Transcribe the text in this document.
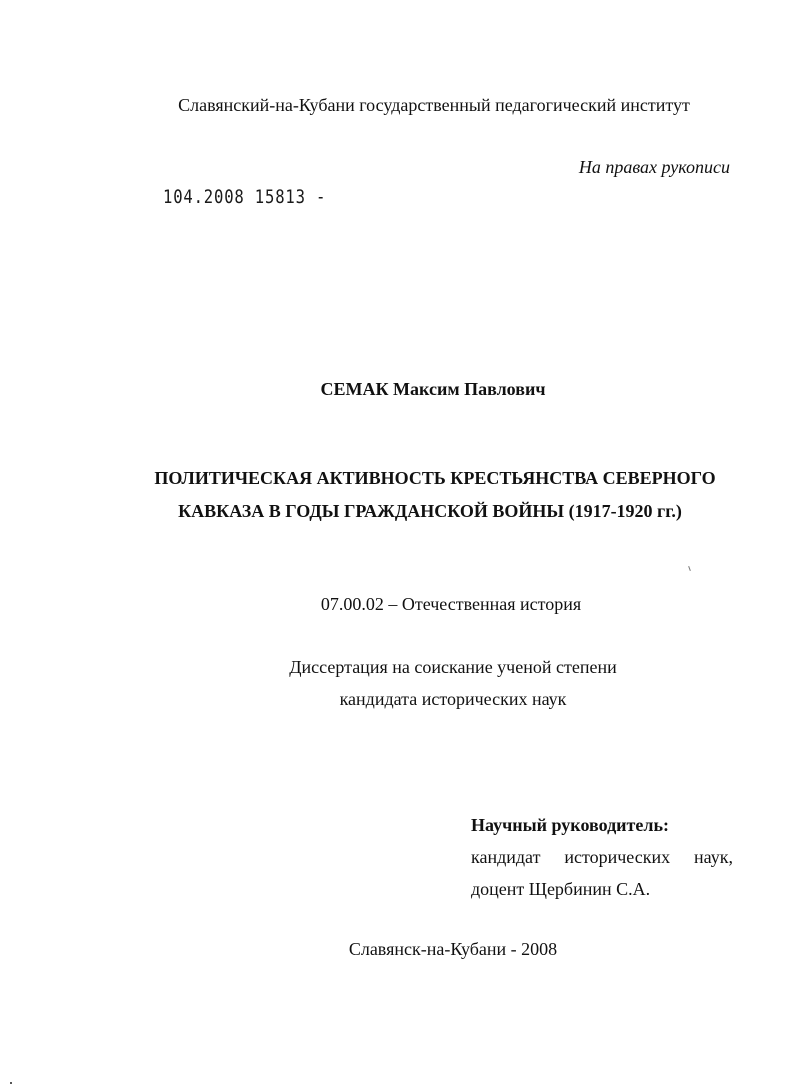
Славянский-на-Кубани государственный педагогический институт
На правах рукописи
104.2008 15813 -
СЕМАК Максим Павлович
ПОЛИТИЧЕСКАЯ АКТИВНОСТЬ КРЕСТЬЯНСТВА СЕВЕРНОГО
КАВКАЗА В ГОДЫ ГРАЖДАНСКОЙ ВОЙНЫ (1917-1920 гг.)
07.00.02 – Отечественная история
Диссертация на соискание ученой степени
кандидата исторических наук
Научный руководитель:
кандидат исторических наук,
доцент Щербинин С.А.
Славянск-на-Кубани - 2008
